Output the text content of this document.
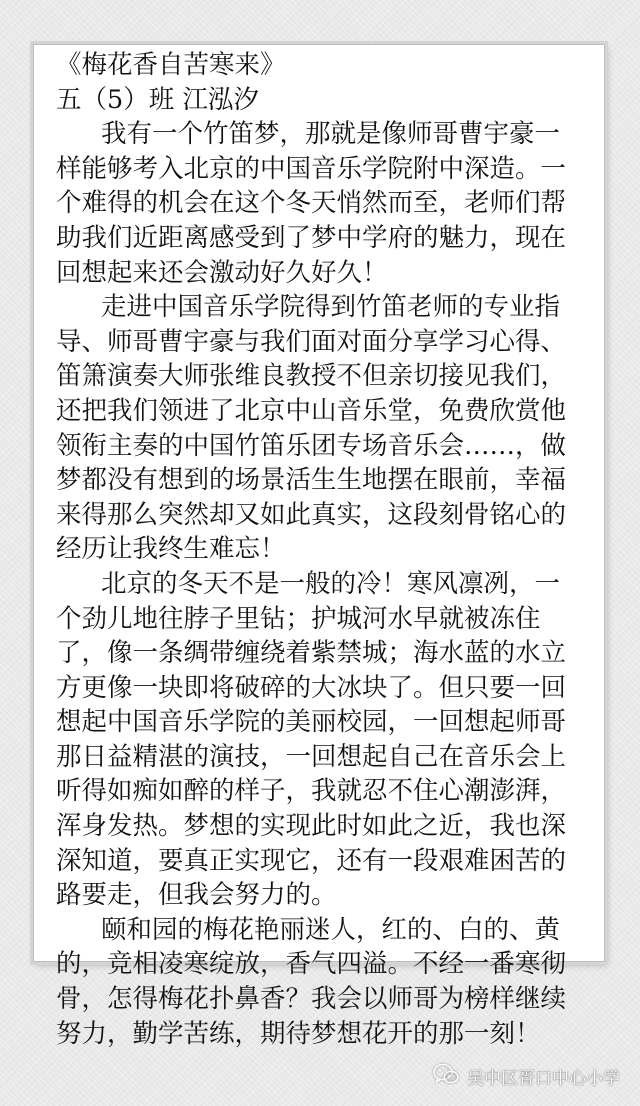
《梅花香自苦寒来》
五（5）班 江泓汐
我有一个竹笛梦，那就是像师哥曹宇豪一
样能够考入北京的中国音乐学院附中深造。一
个难得的机会在这个冬天悄然而至，老师们帮
助我们近距离感受到了梦中学府的魅力，现在
回想起来还会激动好久好久！
走进中国音乐学院得到竹笛老师的专业指
导、师哥曹宇豪与我们面对面分享学习心得、
笛箫演奏大师张维良教授不但亲切接见我们，
还把我们领进了北京中山音乐堂，免费欣赏他
领衔主奏的中国竹笛乐团专场音乐会……，做
梦都没有想到的场景活生生地摆在眼前，幸福
来得那么突然却又如此真实，这段刻骨铭心的
经历让我终生难忘！
北京的冬天不是一般的冷！寒风凛冽，一
个劲儿地往脖子里钻；护城河水早就被冻住
了，像一条绸带缠绕着紫禁城；海水蓝的水立
方更像一块即将破碎的大冰块了。但只要一回
想起中国音乐学院的美丽校园，一回想起师哥
那日益精湛的演技，一回想起自己在音乐会上
听得如痴如醉的样子，我就忍不住心潮澎湃，
浑身发热。梦想的实现此时如此之近，我也深
深知道，要真正实现它，还有一段艰难困苦的
路要走，但我会努力的。
颐和园的梅花艳丽迷人，红的、白的、黄
的，竞相凌寒绽放，香气四溢。不经一番寒彻
骨，怎得梅花扑鼻香？我会以师哥为榜样继续
努力，勤学苦练，期待梦想花开的那一刻！
吴中区胥口中心小学
